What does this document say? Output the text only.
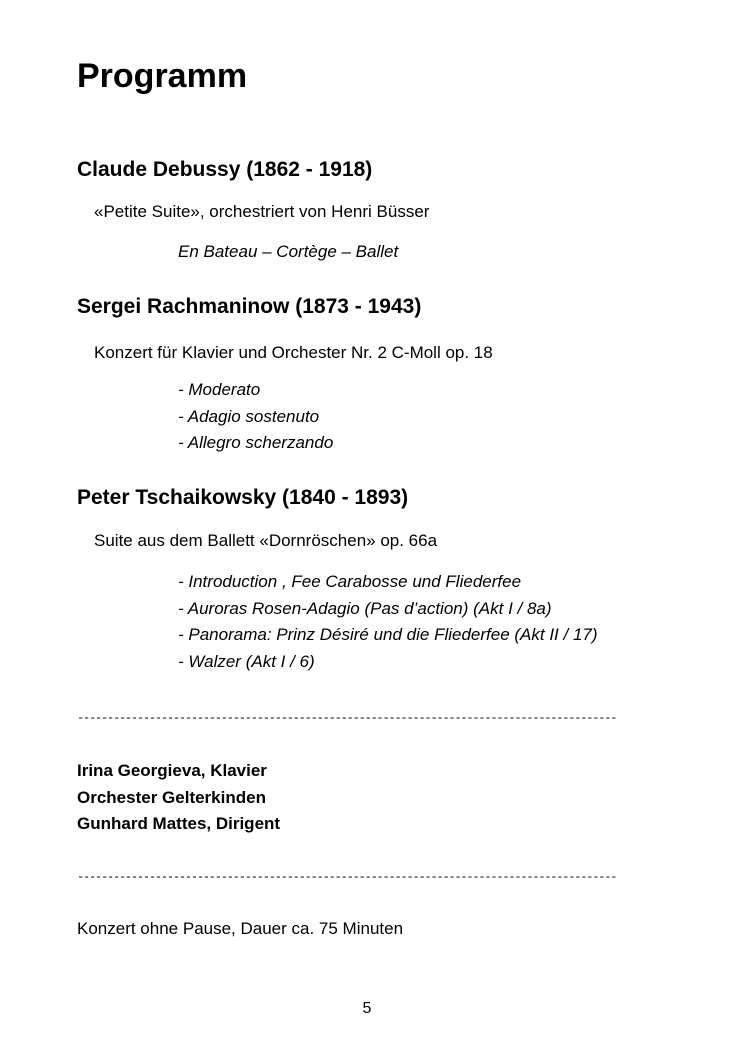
Programm
Claude Debussy (1862 - 1918)
«Petite Suite», orchestriert von Henri Büsser
En Bateau – Cortège – Ballet
Sergei Rachmaninow (1873 - 1943)
Konzert für Klavier und Orchester Nr. 2 C-Moll op. 18
- Moderato
- Adagio sostenuto
- Allegro scherzando
Peter Tschaikowsky (1840 - 1893)
Suite aus dem Ballett «Dornröschen» op. 66a
- Introduction , Fee Carabosse und Fliederfee
- Auroras Rosen-Adagio (Pas d’action) (Akt I / 8a)
- Panorama: Prinz Désiré und die Fliederfee (Akt II / 17)
- Walzer (Akt I / 6)
------------------------------------------------------------------------------------------
Irina Georgieva, Klavier
Orchester Gelterkinden
Gunhard Mattes, Dirigent
------------------------------------------------------------------------------------------
Konzert ohne Pause, Dauer ca. 75 Minuten
5
